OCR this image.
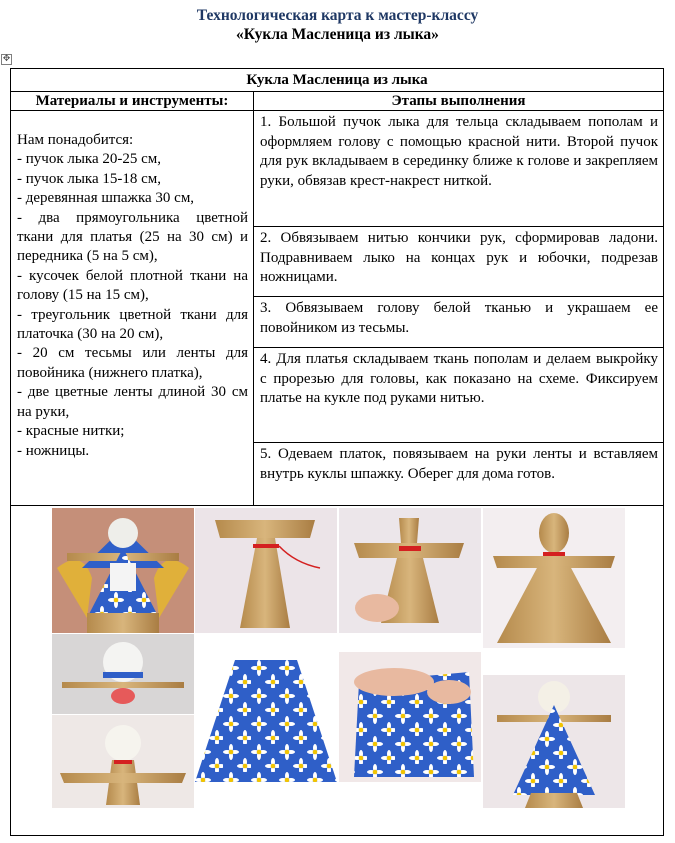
Технологическая карта к мастер-классу
«Кукла Масленица из лыка»
✥
Кукла Масленица из лыка
Материалы и инструменты:	Этапы выполнения
Нам понадобится:
- пучок лыка 20-25 см,
- пучок лыка 15-18 см,
- деревянная шпажка 30 см,
- два прямоугольника цветной ткани для платья (25 на 30 см) и передника (5 на 5 см),
- кусочек белой плотной ткани на голову (15 на 15 см),
- треугольник цветной ткани для платочка (30 на 20 см),
- 20 см тесьмы или ленты для повойника (нижнего платка),
- две цветные ленты длиной 30 см на руки,
- красные нитки;
- ножницы.
1. Большой пучок лыка для тельца складываем пополам и оформляем голову с помощью красной нити. Второй пучок для рук вкладываем в серединку ближе к голове и закрепляем руки, обвязав крест-накрест ниткой.
2. Обвязываем нитью кончики рук, сформировав ладони. Подравниваем лыко на концах рук и юбочки, подрезав ножницами.
3. Обвязываем голову белой тканью и украшаем ее повойником из тесьмы.
4. Для платья складываем ткань пополам и делаем выкройку с прорезью для головы, как показано на схеме. Фиксируем платье на кукле под руками нитью.
5. Одеваем платок, повязываем на руки ленты и вставляем внутрь куклы шпажку. Оберег для дома готов.
